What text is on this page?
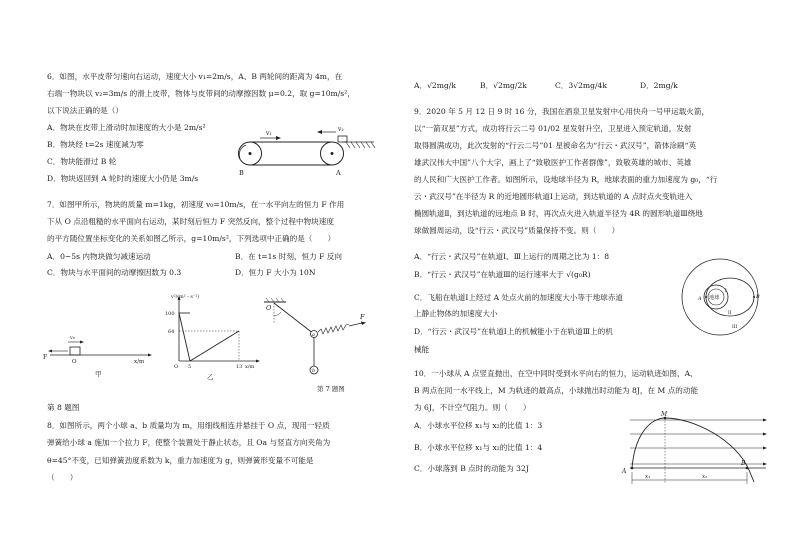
6．如图，水平皮带匀速向右运动，速度大小 v₁=2m/s，A、B 两轮间的距离为 4m，在
右端一物块以 v₂=3m/s 的滑上皮带，物体与皮带间的动摩擦因数 μ=0.2，取 g=10m/s²，
以下说法正确的是（）
A．物块在皮带上滑动时加速度的大小是 2m/s²
B．物块经 t=2s 速度减为零
C．物块能滑过 B 轮
D．物块返回到 A 轮时的速度大小仍是 3m/s
v₁
v₂
B	A
7．如图甲所示，物块的质量 m=1kg，初速度 v₀=10m/s，在一水平向左的恒力 F 作用
下从 O 点沿粗糙的水平面向右运动，某时刻后恒力 F 突然反向，整个过程中物块速度
的平方随位置坐标变化的关系如图乙所示，g=10m/s²，下列选项中正确的是（　　）
A．0~5s 内物块做匀减速运动	B．在 t=1s 时刻，恒力 F 反向
C．物块与水平面间的动摩擦因数为 0.3	D．恒力 F 大小为 10N
v₀
F
O	x/m
甲
v²/(m²・s⁻²)
100
64
O 5	13 x/m
乙
O
a
F
b
第 7 题图
第 8 题图
8．如图所示，两个小球 a、b 质量均为 m，用细线相连并悬挂于 O 点，现用一轻质
弹簧给小球 a 施加一个拉力 F，使整个装置处于静止状态，且 Oa 与竖直方向夹角为
θ=45°不变，已知弹簧劲度系数为 k，重力加速度为 g，则弹簧形变量不可能是
（　　）
A．√2mg/k	B．√2mg/2k	C．3√2mg/4k	D．2mg/k
9．2020 年 5 月 12 日 9 时 16 分，我国在酒泉卫星发射中心用快舟一号甲运载火箭，
以“一箭双星”方式，成功将行云二号 01/02 星发射升空，卫星进入预定轨道，发射
取得圆满成功，此次发射的“行云二号”01 星被命名为“行云・武汉号”，箭体涂刷“英
雄武汉伟大中国”八个大字，画上了“致敬医护工作者群像”，致敬英雄的城市、英雄
的人民和广大医护工作者。如图所示，设地球半径为 R，地球表面的重力加速度为 g₀，“行
云・武汉号”在半径为 R 的近地圆形轨道Ⅰ上运动，到达轨道的 A 点时点火变轨进入
椭圆轨道Ⅱ，到达轨道的远地点 B 时，再次点火进入轨道半径为 4R 的圆形轨道Ⅲ绕地
球做圆周运动，设“行云・武汉号”质量保持不变。则（　　）
A．“行云・武汉号”在轨道Ⅰ、Ⅲ上运行的周期之比为 1：8
B．“行云・武汉号”在轨道Ⅲ的运行速率大于 √(g₀R)
C．飞船在轨道Ⅰ上经过 A 处点火前的加速度大小等于地球赤道
上静止物体的加速度大小
D．“行云・武汉号”在轨道Ⅰ上的机械能小于在轨道Ⅲ上的机
械能
地球
A	B
I
II
III
10．一小球从 A 点竖直抛出，在空中同时受到水平向右的恒力，运动轨迹如图，A、
B 两点在同一水平线上，M 为轨迹的最高点，小球抛出时动能为 8J，在 M 点的动能
为 6J，不计空气阻力。则（　　）
A．小球水平位移 x₁与 x₂的比值 1：3
B．小球水平位移 x₁与 x₂的比值 1：4
C．小球落到 B 点时的动能为 32J
M
A
B
x₁	x₂
